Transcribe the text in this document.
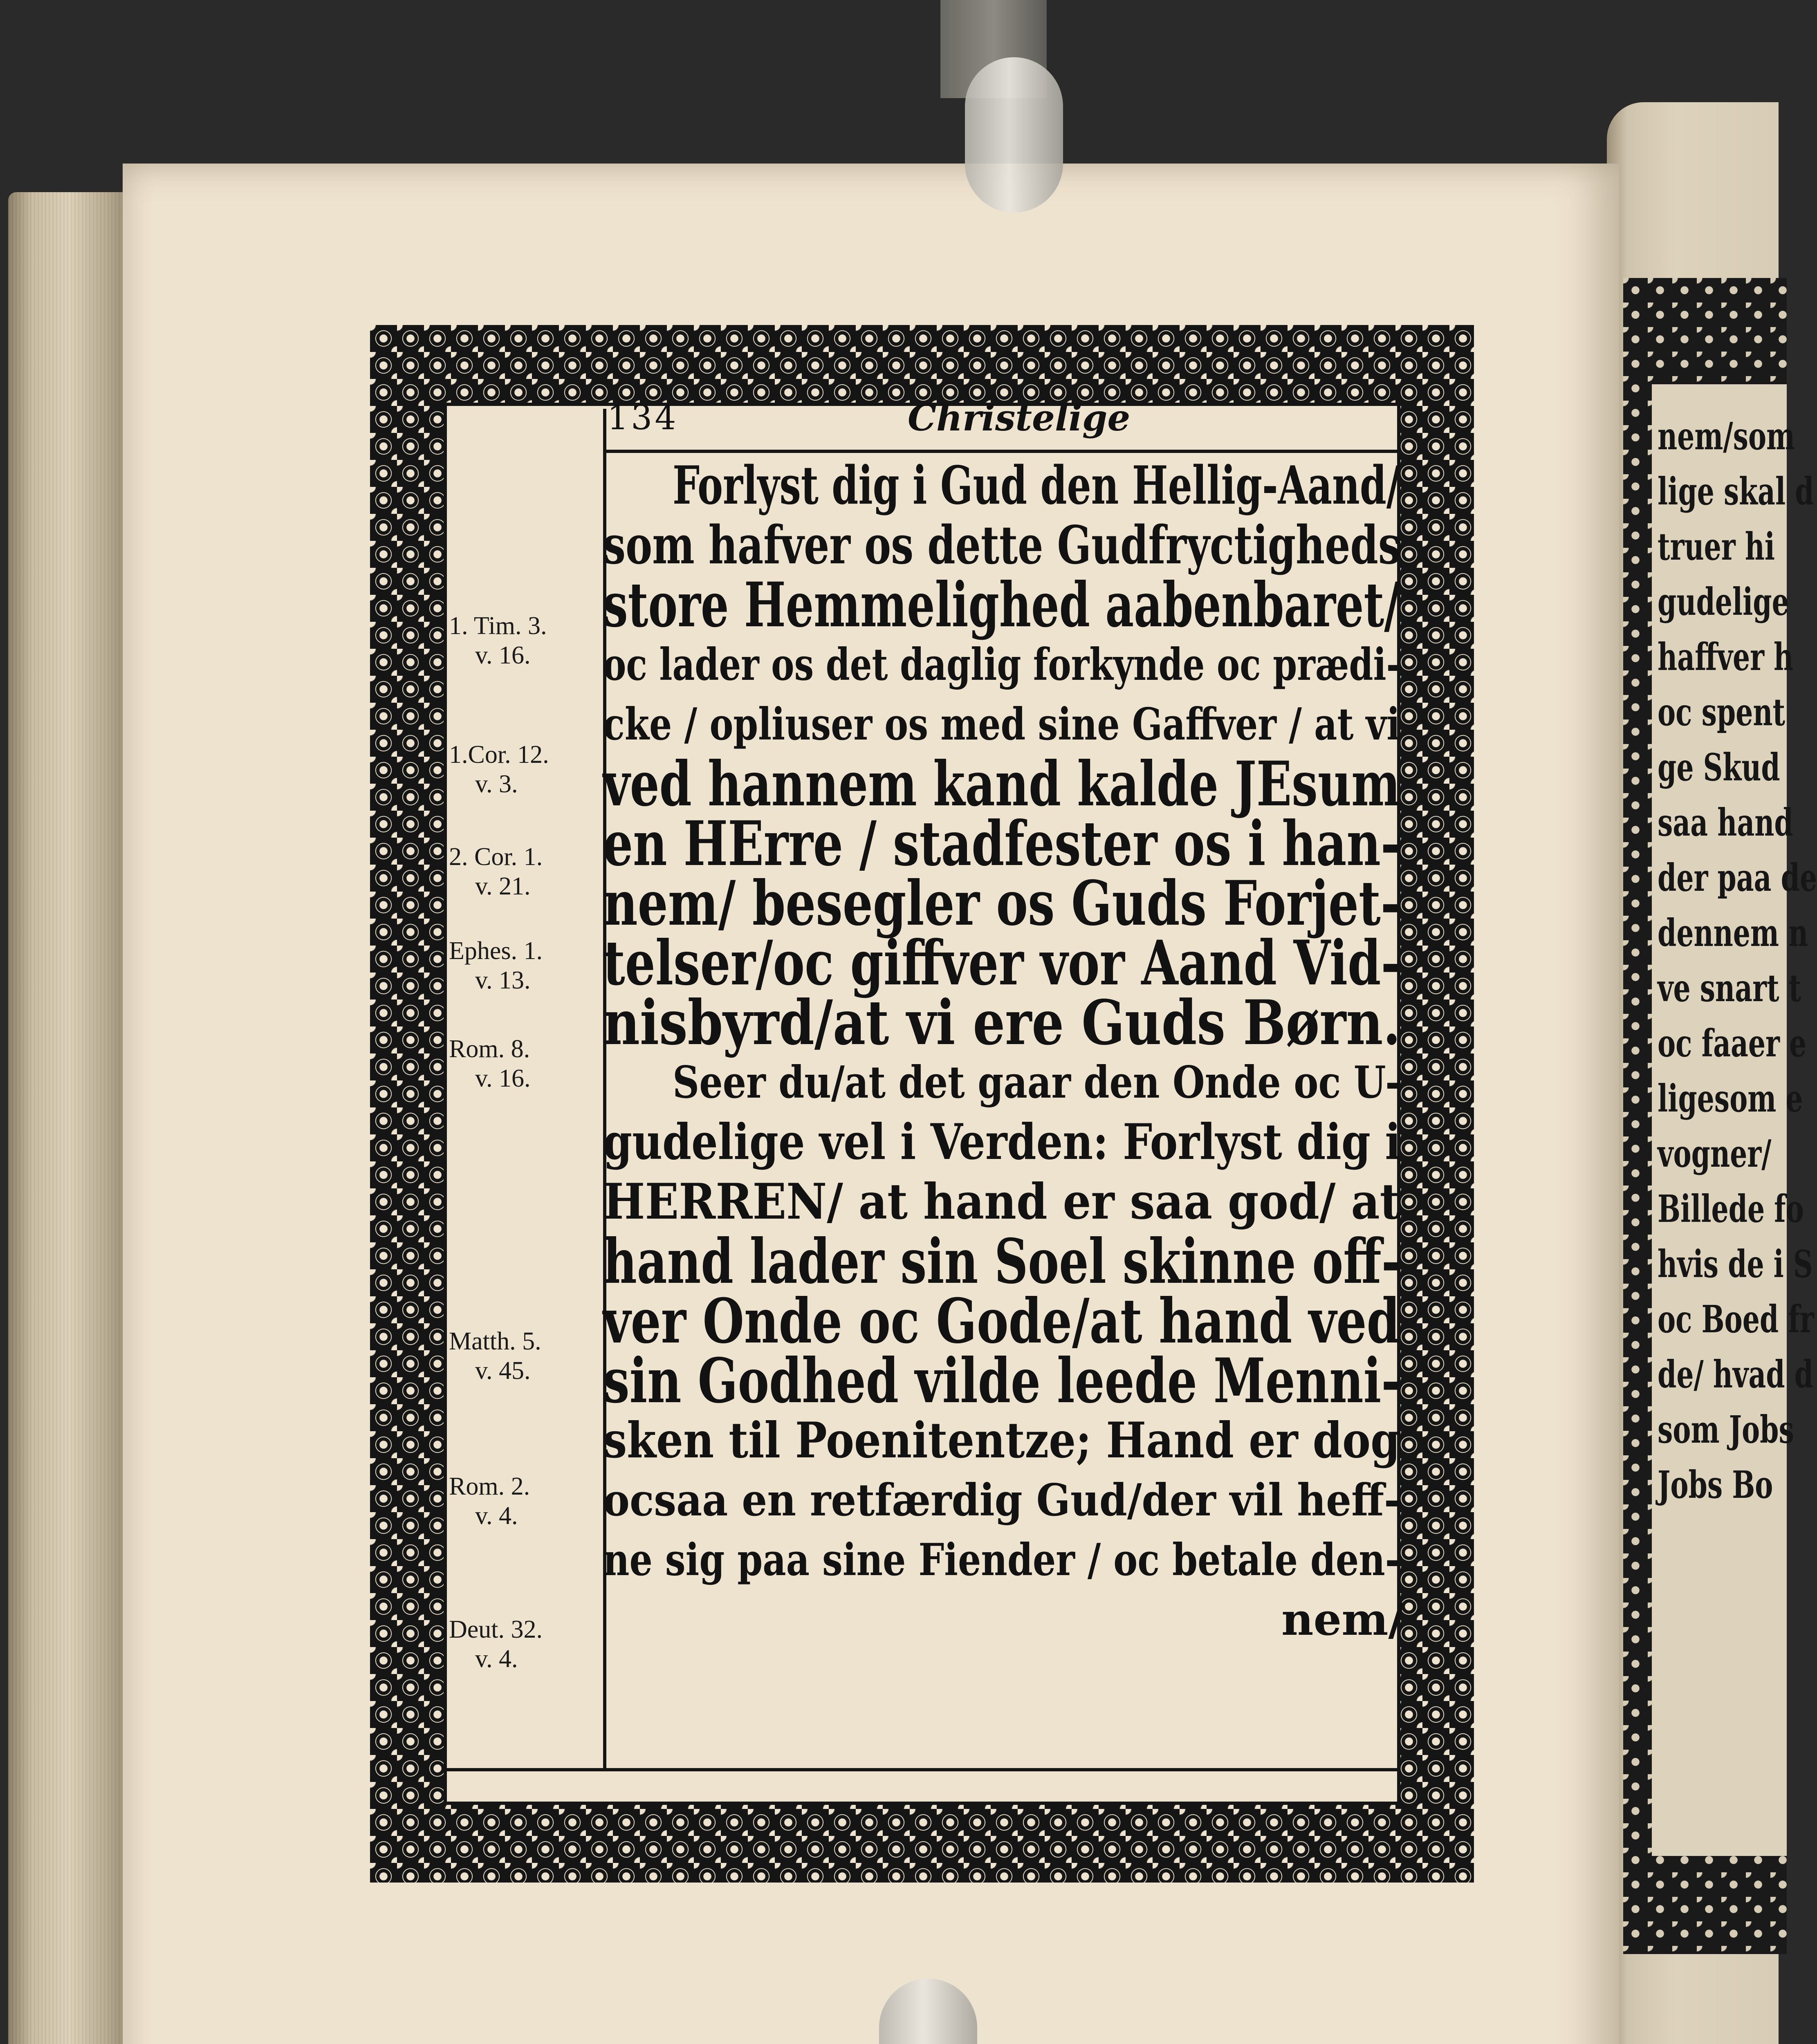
nem/som
lige skal d
truer hi
gudelige
haffver h
oc spent
ge Skud
saa hand
der paa de
dennem n
ve snart t
oc faaer e
ligesom e
vogner/
Billede fo
hvis de i S
oc Boed fr
de/ hvad d
som Jobs
Jobs Bo
134	Christelige
1. Tim. 3.
v. 16.
1.Cor. 12.
v. 3.
2. Cor. 1.
v. 21.
Ephes. 1.
v. 13.
Rom. 8.
v. 16.
Matth. 5.
v. 45.
Rom. 2.
v. 4.
Deut. 32.
v. 4.
Forlyst dig i Gud den Hellig-Aand/
som hafver os dette Gudfryctigheds
store Hemmelighed aabenbaret/
oc lader os det daglig forkynde oc prædi-
cke / opliuser os med sine Gaffver / at vi
ved hannem kand kalde JEsum
en HErre / stadfester os i han-
nem/ besegler os Guds Forjet-
telser/oc giffver vor Aand Vid-
nisbyrd/at vi ere Guds Børn.
Seer du/at det gaar den Onde oc U-
gudelige vel i Verden: Forlyst dig i
HERREN/ at hand er saa god/ at
hand lader sin Soel skinne off-
ver Onde oc Gode/at hand ved
sin Godhed vilde leede Menni-
sken til Poenitentze; Hand er dog
ocsaa en retfærdig Gud/der vil heff-
ne sig paa sine Fiender / oc betale den-
nem/
